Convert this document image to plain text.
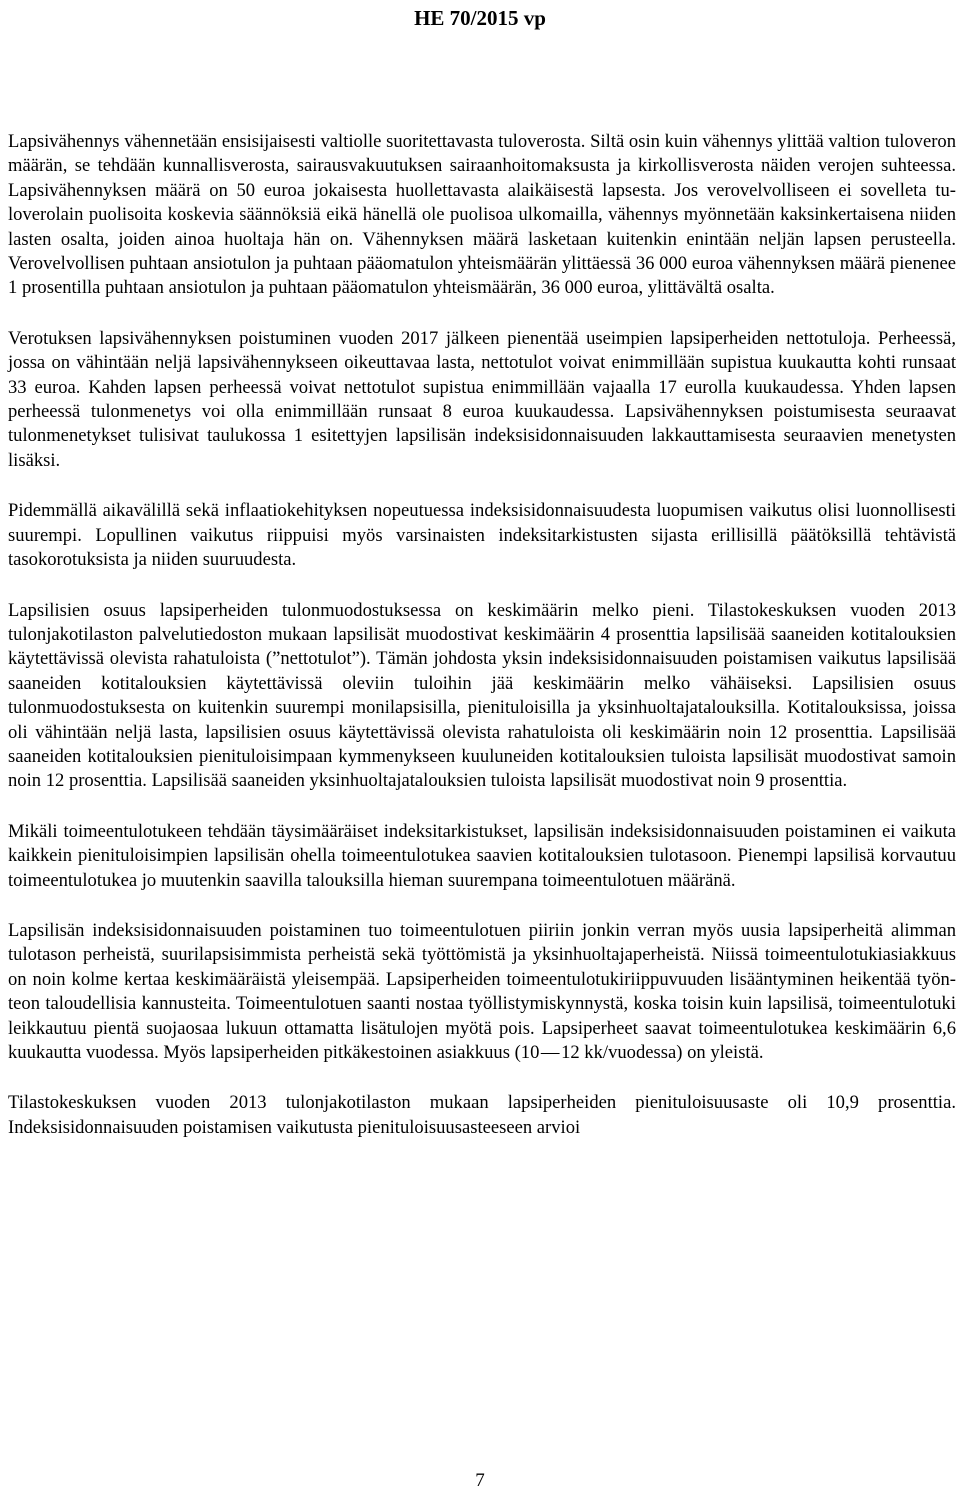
HE 70/2015 vp

Lapsivähennys vähennetään ensisijaisesti valtiolle suoritettavasta tuloverosta. Siltä osin kuin vähennys ylittää valtion tuloveron määrän, se tehdään kunnallisverosta, sairausvakuutuksen sairaanhoitomaksusta ja kirkollisverosta näiden verojen suhteessa. Lapsivähennyksen määrä on 50 euroa jokaisesta huollettavasta alaikäisestä lapsesta. Jos verovelvolliseen ei sovelleta tuloverolain puolisoita koskevia säännöksiä eikä hänellä ole puolisoa ulkomailla, vähennys myönnetään kaksinkertaisena niiden lasten osalta, joiden ainoa huoltaja hän on. Vähennyksen määrä lasketaan kuitenkin enintään neljän lapsen perusteella. Verovelvollisen puhtaan ansiotulon ja puhtaan pääomatulon yhteismäärän ylittäessä 36 000 euroa vähennyksen määrä pienenee 1 prosentilla puhtaan ansiotulon ja puhtaan pääomatulon yhteismäärän, 36 000 euroa, ylittävältä osalta.

Verotuksen lapsivähennyksen poistuminen vuoden 2017 jälkeen pienentää useimpien lapsiperheiden nettotuloja. Perheessä, jossa on vähintään neljä lapsivähennykseen oikeuttavaa lasta, nettotulot voivat enimmillään supistua kuukautta kohti runsaat 33 euroa. Kahden lapsen perheessä voivat nettotulot supistua enimmillään vajaalla 17 eurolla kuukaudessa. Yhden lapsen perheessä tulonmenetys voi olla enimmillään runsaat 8 euroa kuukaudessa. Lapsivähennyksen poistumisesta seuraavat tulonmenetykset tulisivat taulukossa 1 esitettyjen lapsilisän indeksisidonnaisuuden lakkauttamisesta seuraavien menetysten lisäksi.

Pidemmällä aikavälillä sekä inflaatiokehityksen nopeutuessa indeksisidonnaisuudesta luopumisen vaikutus olisi luonnollisesti suurempi. Lopullinen vaikutus riippuisi myös varsinaisten indeksitarkistusten sijasta erillisillä päätöksillä tehtävistä tasokorotuksista ja niiden suuruudesta.

Lapsilisien osuus lapsiperheiden tulonmuodostuksessa on keskimäärin melko pieni. Tilastokeskuksen vuoden 2013 tulonjakotilaston palvelutiedoston mukaan lapsilisät muodostivat keskimäärin 4 prosenttia lapsilisää saaneiden kotitalouksien käytettävissä olevista rahatuloista (”nettotulot”). Tämän johdosta yksin indeksisidonnaisuuden poistamisen vaikutus lapsilisää saaneiden kotitalouksien käytettävissä oleviin tuloihin jää keskimäärin melko vähäiseksi. Lapsilisien osuus tulonmuodostuksesta on kuitenkin suurempi monilapsisilla, pienituloisilla ja yksinhuoltajatalouksilla. Kotitalouksissa, joissa oli vähintään neljä lasta, lapsilisien osuus käytettävissä olevista rahatuloista oli keskimäärin noin 12 prosenttia. Lapsilisää saaneiden kotitalouksien pienituloisimpaan kymmenykseen kuuluneiden kotitalouksien tuloista lapsilisät muodostivat samoin noin 12 prosenttia. Lapsilisää saaneiden yksinhuoltajatalouksien tuloista lapsilisät muodostivat noin 9 prosenttia.

Mikäli toimeentulotukeen tehdään täysimääräiset indeksitarkistukset, lapsilisän indeksisidonnaisuuden poistaminen ei vaikuta kaikkein pienituloisimpien lapsilisän ohella toimeentulotukea saavien kotitalouksien tulotasoon. Pienempi lapsilisä korvautuu toimeentulotukea jo muutenkin saavilla talouksilla hieman suurempana toimeentulotuen määränä.

Lapsilisän indeksisidonnaisuuden poistaminen tuo toimeentulotuen piiriin jonkin verran myös uusia lapsiperheitä alimman tulotason perheistä, suurilapsisimmista perheistä sekä työttömistä ja yksinhuoltajaperheistä. Niissä toimeentulotukiasiakkuus on noin kolme kertaa keskimääräistä yleisempää. Lapsiperheiden toimeentulotukiriippuvuuden lisääntyminen heikentää työnteon taloudellisia kannusteita. Toimeentulotuen saanti nostaa työllistymiskynnystä, koska toisin kuin lapsilisä, toimeentulotuki leikkautuu pientä suojaosaa lukuun ottamatta lisätulojen myötä pois. Lapsiperheet saavat toimeentulotukea keskimäärin 6,6 kuukautta vuodessa. Myös lapsiperheiden pitkäkestoinen asiakkuus (10 — 12 kk/vuodessa) on yleistä.

Tilastokeskuksen vuoden 2013 tulonjakotilaston mukaan lapsiperheiden pienituloisuusaste oli 10,9 prosenttia. Indeksisidonnaisuuden poistamisen vaikutusta pienituloisuusasteeseen arvioi

7
